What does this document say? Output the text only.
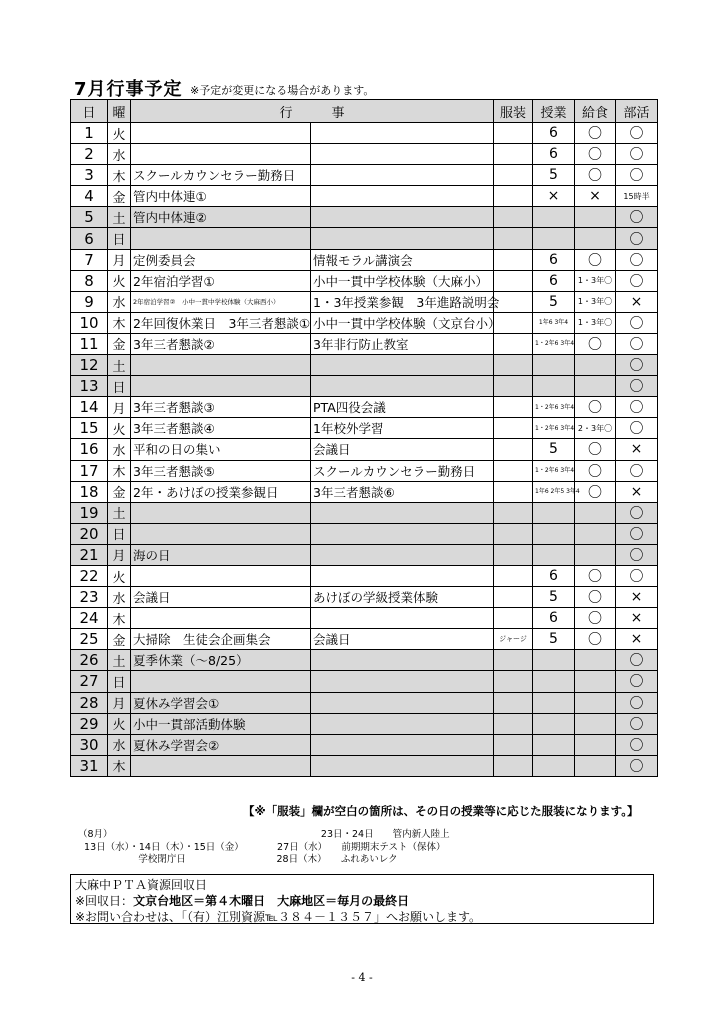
7月行事予定 ※予定が変更になる場合があります。
日	曜	行　　　事		服装	授業	給食	部活
1	火				6	〇	〇
2	水				6	〇	〇
3	木	スクールカウンセラー勤務日			5	〇	〇
4	金	管内中体連①			×	×	15時半
5	土	管内中体連②					〇
6	日						〇
7	月	定例委員会	情報モラル講演会		6	〇	〇
8	火	2年宿泊学習①	小中一貫中学校体験（大麻小）		6	1・3年〇	〇
9	水	2年宿泊学習②　小中一貫中学校体験（大麻西小）	1・3年授業参観　3年進路説明会		5	1・3年〇	×
10	木	2年回復休業日　3年三者懇談①	小中一貫中学校体験（文京台小）		1年6 3年4	1・3年〇	〇
11	金	3年三者懇談②	3年非行防止教室		1・2年6 3年4	〇	〇
12	土						〇
13	日						〇
14	月	3年三者懇談③	PTA四役会議		1・2年6 3年4	〇	〇
15	火	3年三者懇談④	1年校外学習		1・2年6 3年4	2・3年〇	〇
16	水	平和の日の集い	会議日		5	〇	×
17	木	3年三者懇談⑤	スクールカウンセラー勤務日		1・2年6 3年4	〇	〇
18	金	2年・あけぼの授業参観日	3年三者懇談⑥		1年6 2年5 3年4	〇	×
19	土						〇
20	日						〇
21	月	海の日					〇
22	火				6	〇	〇
23	水	会議日	あけぼの学級授業体験		5	〇	×
24	木				6	〇	×
25	金	大掃除　生徒会企画集会	会議日	ジャージ	5	〇	×
26	土	夏季休業（～8/25）					〇
27	日						〇
28	月	夏休み学習会①					〇
29	火	小中一貫部活動体験					〇
30	水	夏休み学習会②					〇
31	木						〇
【※「服装」欄が空白の箇所は、その日の授業等に応じた服装になります。】
（8月）                                                                     23日・24日　　管内新人陸上
13日（水）・14日（木）・15日（金）           27日（水）　　前期期末テスト（保体）
学校閉庁日                              28日（木）　　ふれあいレク
大麻中ＰＴＡ資源回収日
※回収日：文京台地区＝第４木曜日　大麻地区＝毎月の最終日
※お問い合わせは、「（有）江別資源℡３８４－１３５７」へお願いします。
- 4 -
